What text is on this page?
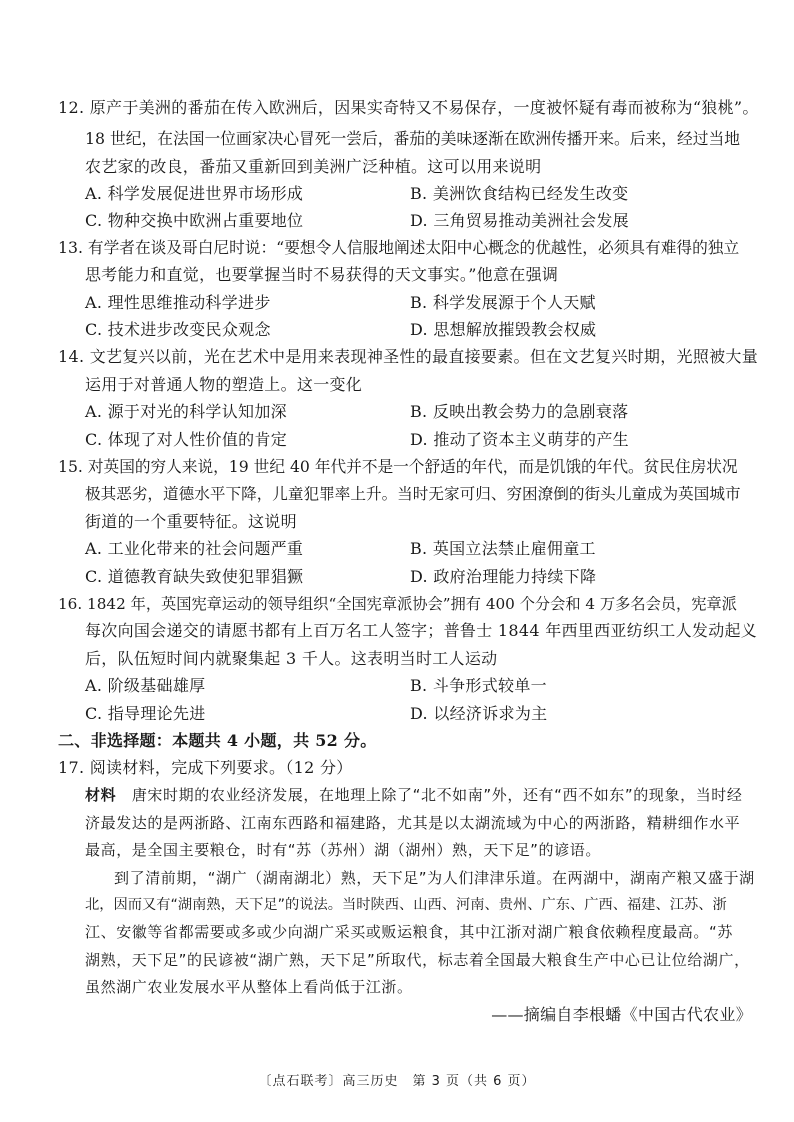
12. 原产于美洲的番茄在传入欧洲后，因果实奇特又不易保存，一度被怀疑有毒而被称为“狼桃”。
18 世纪，在法国一位画家决心冒死一尝后，番茄的美味逐渐在欧洲传播开来。后来，经过当地
农艺家的改良，番茄又重新回到美洲广泛种植。这可以用来说明
A. 科学发展促进世界市场形成	B. 美洲饮食结构已经发生改变
C. 物种交换中欧洲占重要地位	D. 三角贸易推动美洲社会发展
13. 有学者在谈及哥白尼时说：“要想令人信服地阐述太阳中心概念的优越性，必须具有难得的独立
思考能力和直觉，也要掌握当时不易获得的天文事实。”他意在强调
A. 理性思维推动科学进步	B. 科学发展源于个人天赋
C. 技术进步改变民众观念	D. 思想解放摧毁教会权威
14. 文艺复兴以前，光在艺术中是用来表现神圣性的最直接要素。但在文艺复兴时期，光照被大量
运用于对普通人物的塑造上。这一变化
A. 源于对光的科学认知加深	B. 反映出教会势力的急剧衰落
C. 体现了对人性价值的肯定	D. 推动了资本主义萌芽的产生
15. 对英国的穷人来说，19 世纪 40 年代并不是一个舒适的年代，而是饥饿的年代。贫民住房状况
极其恶劣，道德水平下降，儿童犯罪率上升。当时无家可归、穷困潦倒的街头儿童成为英国城市
街道的一个重要特征。这说明
A. 工业化带来的社会问题严重	B. 英国立法禁止雇佣童工
C. 道德教育缺失致使犯罪猖獗	D. 政府治理能力持续下降
16. 1842 年，英国宪章运动的领导组织“全国宪章派协会”拥有 400 个分会和 4 万多名会员，宪章派
每次向国会递交的请愿书都有上百万名工人签字；普鲁士 1844 年西里西亚纺织工人发动起义
后，队伍短时间内就聚集起 3 千人。这表明当时工人运动
A. 阶级基础雄厚	B. 斗争形式较单一
C. 指导理论先进	D. 以经济诉求为主
二、非选择题：本题共 4 小题，共 52 分。
17. 阅读材料，完成下列要求。（12 分）
材料　 唐宋时期的农业经济发展，在地理上除了“北不如南”外，还有“西不如东”的现象，当时经
济最发达的是两浙路、江南东西路和福建路，尤其是以太湖流域为中心的两浙路，精耕细作水平
最高，是全国主要粮仓，时有“苏（苏州）湖（湖州）熟，天下足”的谚语。
到了清前期，“湖广（湖南湖北）熟，天下足”为人们津津乐道。在两湖中，湖南产粮又盛于湖
北，因而又有“湖南熟，天下足”的说法。当时陕西、山西、河南、贵州、广东、广西、福建、江苏、浙
江、安徽等省都需要或多或少向湖广采买或贩运粮食，其中江浙对湖广粮食依赖程度最高。“苏
湖熟，天下足”的民谚被“湖广熟，天下足”所取代，标志着全国最大粮食生产中心已让位给湖广，
虽然湖广农业发展水平从整体上看尚低于江浙。
——摘编自李根蟠《中国古代农业》
〔点石联考〕高三历史　第 3 页（共 6 页）
